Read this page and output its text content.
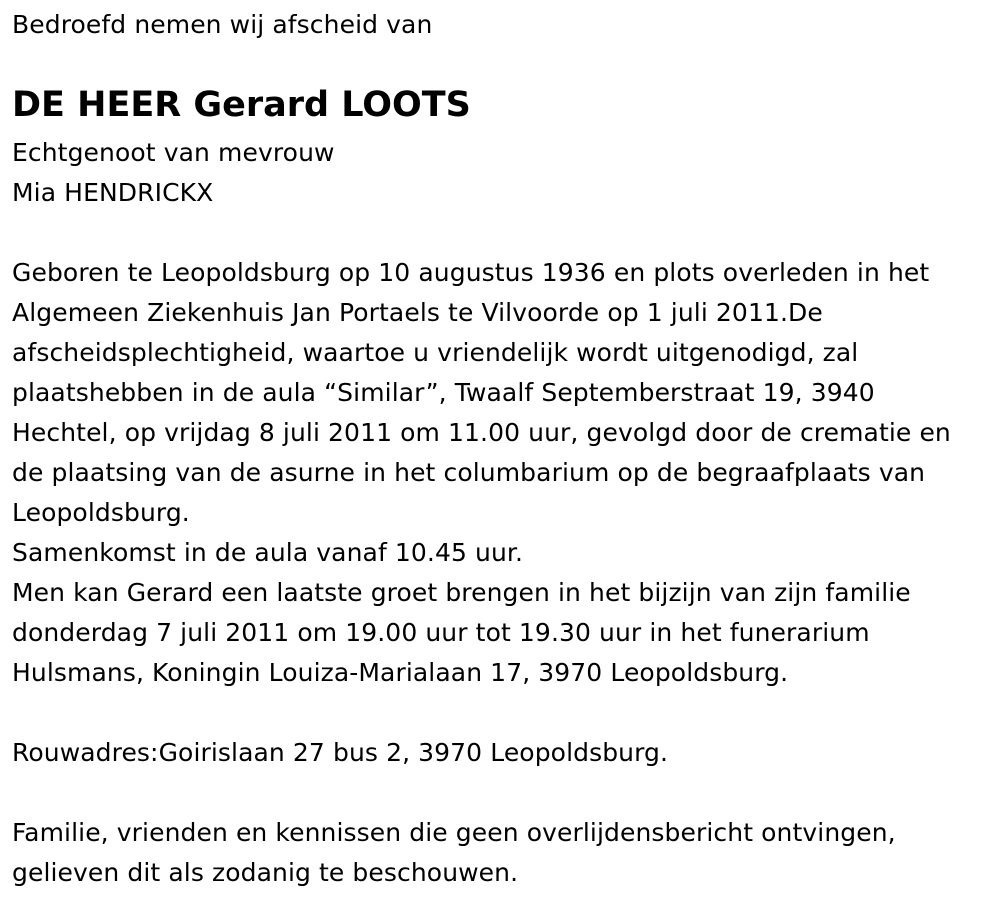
Bedroefd nemen wij afscheid van
DE HEER Gerard LOOTS
Echtgenoot van mevrouw
Mia HENDRICKX
Geboren te Leopoldsburg op 10 augustus 1936 en plots overleden in het
Algemeen Ziekenhuis Jan Portaels te Vilvoorde op 1 juli 2011.De
afscheidsplechtigheid, waartoe u vriendelijk wordt uitgenodigd, zal
plaatshebben in de aula “Similar”, Twaalf Septemberstraat 19, 3940
Hechtel, op vrijdag 8 juli 2011 om 11.00 uur, gevolgd door de crematie en
de plaatsing van de asurne in het columbarium op de begraafplaats van
Leopoldsburg.
Samenkomst in de aula vanaf 10.45 uur.
Men kan Gerard een laatste groet brengen in het bijzijn van zijn familie
donderdag 7 juli 2011 om 19.00 uur tot 19.30 uur in het funerarium
Hulsmans, Koningin Louiza-Marialaan 17, 3970 Leopoldsburg.
Rouwadres:Goirislaan 27 bus 2, 3970 Leopoldsburg.
Familie, vrienden en kennissen die geen overlijdensbericht ontvingen,
gelieven dit als zodanig te beschouwen.
